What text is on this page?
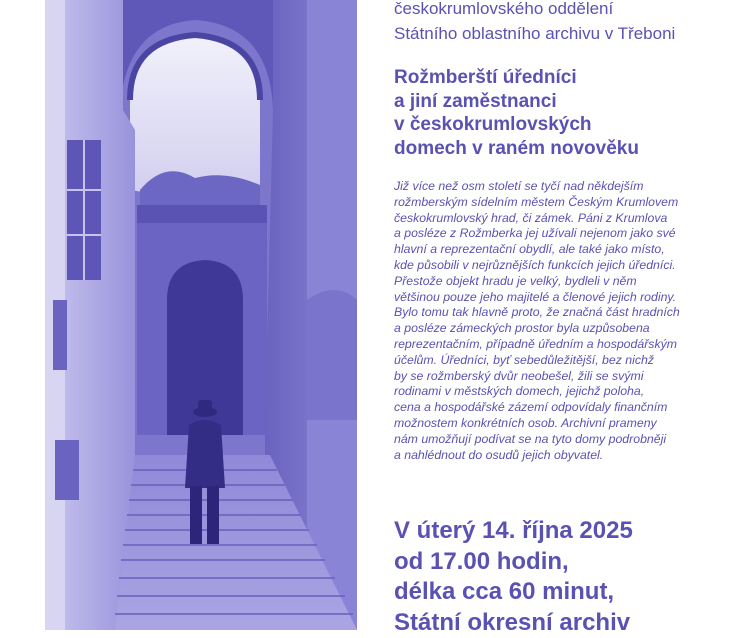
českokrumlovského oddělení
Státního oblastního archivu v Třeboni

Rožmberští úředníci
a jiní zaměstnanci
v českokrumlovských
domech v raném novověku

Již více než osm století se tyčí nad někdejším
rožmberským sídelním městem Českým Krumlovem
českokrumlovský hrad, či zámek. Páni z Krumlova
a posléze z Rožmberka jej užívali nejenom jako své
hlavní a reprezentační obydlí, ale také jako místo,
kde působili v nejrůznějších funkcích jejich úředníci.
Přestože objekt hradu je velký, bydleli v něm
většinou pouze jeho majitelé a členové jejich rodiny.
Bylo tomu tak hlavně proto, že značná část hradních
a posléze zámeckých prostor byla uzpůsobena
reprezentačním, případně úředním a hospodářským
účelům. Úředníci, byť sebedůležitější, bez nichž
by se rožmberský dvůr neobešel, žili se svými
rodinami v městských domech, jejichž poloha,
cena a hospodářské zázemí odpovídaly finančním
možnostem konkrétních osob. Archivní prameny
nám umožňují podívat se na tyto domy podrobněji
a nahlédnout do osudů jejich obyvatel.

V úterý 14. října 2025
od 17.00 hodin,
délka cca 60 minut,
Státní okresní archiv
